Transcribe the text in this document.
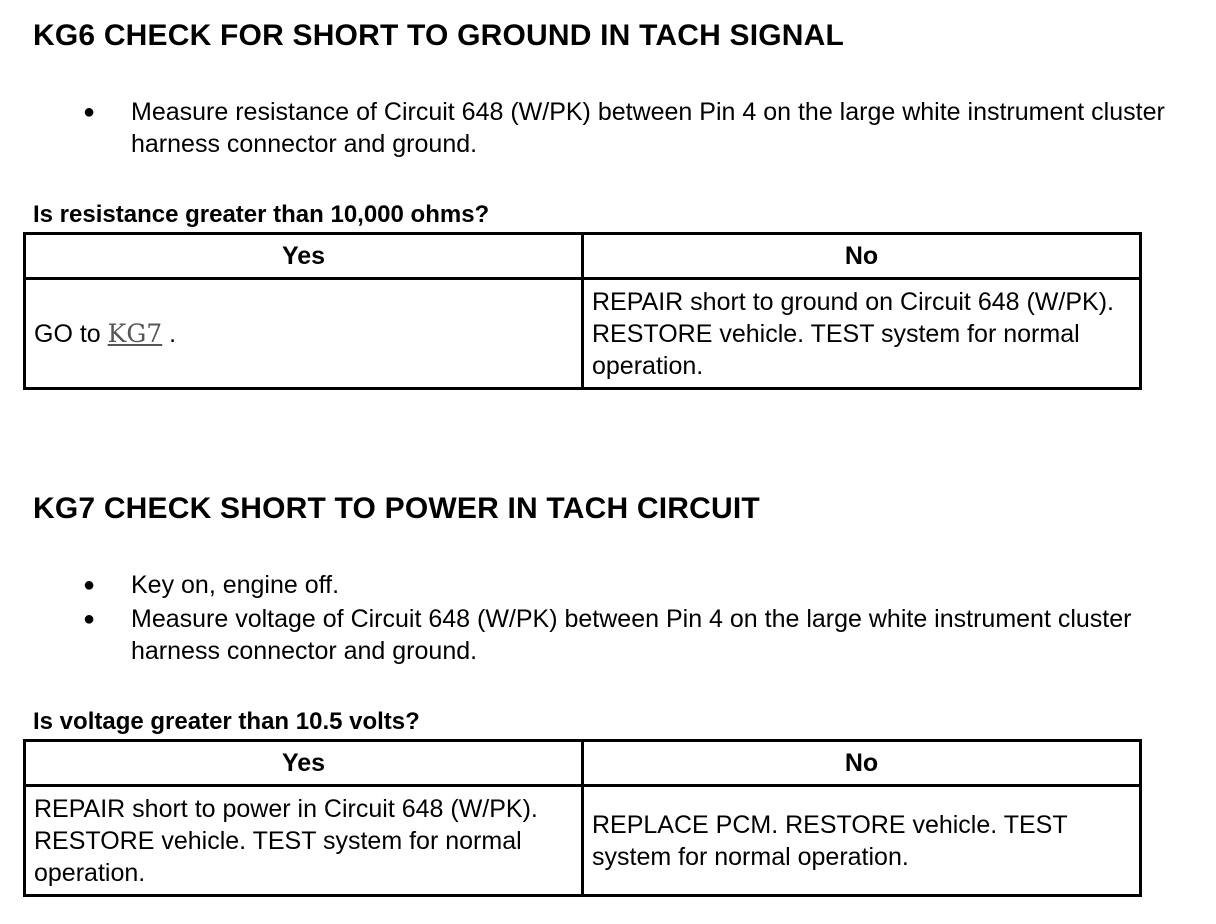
KG6 CHECK FOR SHORT TO GROUND IN TACH SIGNAL
● Measure resistance of Circuit 648 (W/PK) between Pin 4 on the large white instrument cluster harness connector and ground.

Is resistance greater than 10,000 ohms?

Yes	No
GO to KG7 .	REPAIR short to ground on Circuit 648 (W/PK). RESTORE vehicle. TEST system for normal operation.
KG7 CHECK SHORT TO POWER IN TACH CIRCUIT
● Key on, engine off.
● Measure voltage of Circuit 648 (W/PK) between Pin 4 on the large white instrument cluster harness connector and ground.

Is voltage greater than 10.5 volts?

Yes	No
REPAIR short to power in Circuit 648 (W/PK). RESTORE vehicle. TEST system for normal operation.	REPLACE PCM. RESTORE vehicle. TEST system for normal operation.
